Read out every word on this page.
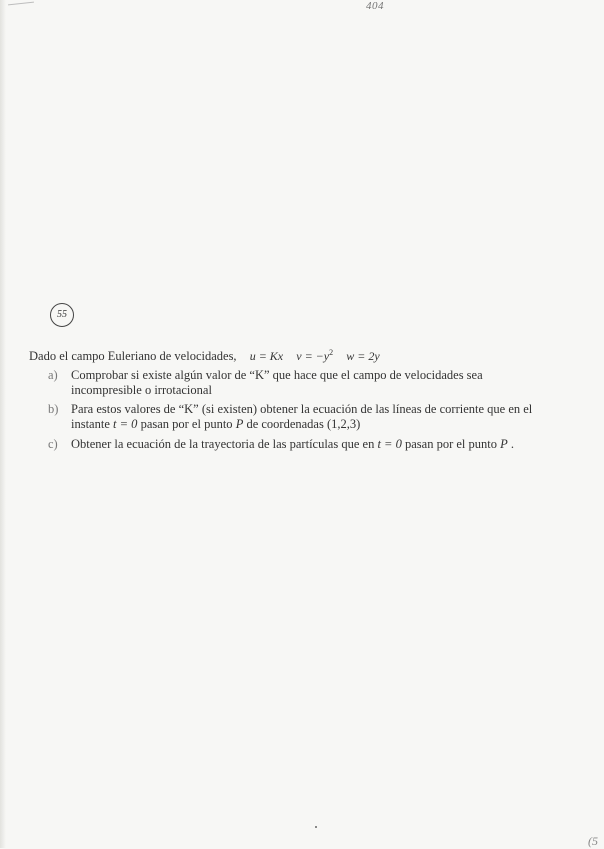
404
55
Dado el campo Euleriano de velocidades, u = Kx $v = -y^2$ w = 2y
a)	Comprobar si existe algún valor de “K” que hace que el campo de velocidades sea
incompresible o irrotacional
b)	Para estos valores de “K” (si existen) obtener la ecuación de las líneas de corriente que en el
instante t = 0 pasan por el punto P de coordenadas (1,2,3)
c)	Obtener la ecuación de la trayectoria de las partículas que en t = 0 pasan por el punto P .
(5
